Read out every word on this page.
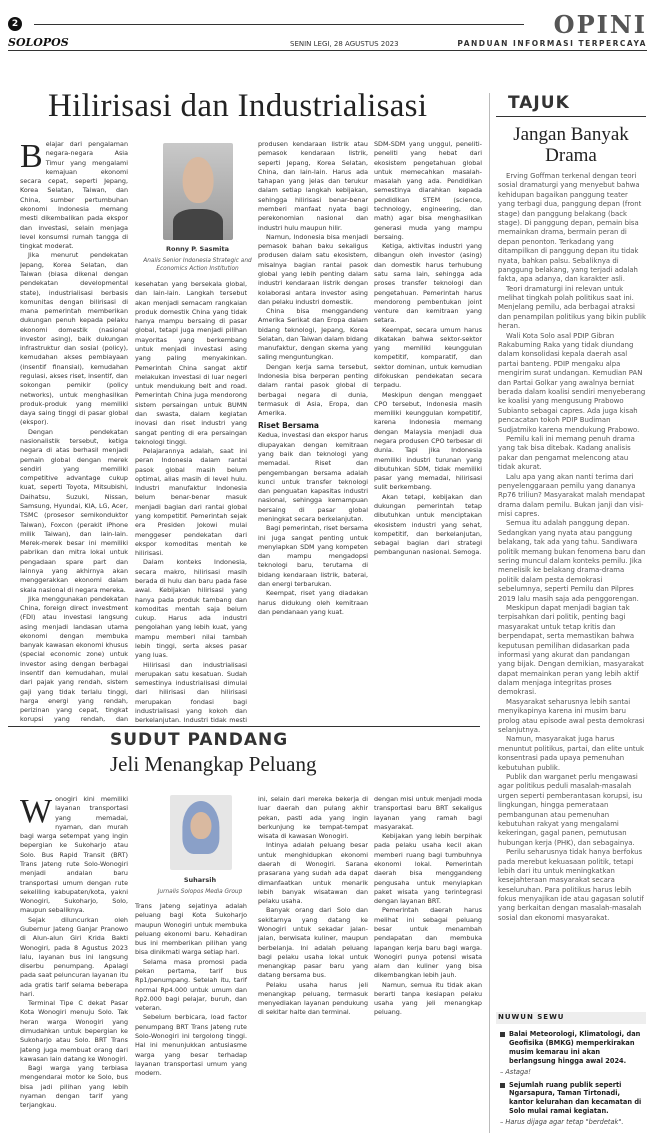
2	OPINI
SOLOPOS	SENIN LEGI, 28 AGUSTUS 2023	PANDUAN INFORMASI TERPERCAYA
Hilirisasi dan Industrialisasi

Belajar dari pengalaman negara-negara Asia Timur yang mengalami kemajuan ekonomi secara cepat, seperti Jepang, Korea Selatan, Taiwan, dan China, sumber pertumbuhan ekonomi Indonesia memang mesti dikembalikan pada ekspor dan investasi, selain menjaga level konsumsi rumah tangga di tingkat moderat.

Jika menurut pendekatan Jepang, Korea Selatan, dan Taiwan (biasa dikenal dengan pendekatan developmental state), industrialisasi berbasis komunitas dengan bilirisasi di mana pemerintah memberikan dukungan penuh kepada pelaku ekonomi domestik (nasional investor asing), baik dukungan infrastruktur dan sosial (policy), kemudahan akses pembiayaan (insentif finansial), kemudahan regulasi, akses riset, insentif, dan sokongan pemikir (policy networks), untuk menghasilkan produk-produk yang memiliki daya saing tinggi di pasar global (ekspor).

Dengan pendekatan nasionalistik tersebut, ketiga negara di atas berhasil menjadi pemain global dengan merek sendiri yang memiliki competitive advantage cukup kuat, seperti Toyota, Mitsubishi, Daihatsu, Suzuki, Nissan, Samsung, Hyundai, KIA, LG, Acer, TSMC (prosesor semikonduktor Taiwan), Foxcon (perakit iPhone milik Taiwan), dan lain-lain. Merek-merek besar ini memiliki pabrikan dan mitra lokal untuk pengadaan spare part dan lainnya yang akhirnya akan menggerakkan ekonomi dalam skala nasional di negara mereka.

Jika menggunakan pendekatan China, foreign direct investment (FDI) atau investasi langsung asing menjadi landasan utama ekonomi dengan membuka banyak kawasan ekonomi khusus (special economic zone) untuk investor asing dengan berbagai insentif dan kemudahan, mulai dari pajak yang rendah, sistem gaji yang tidak terlalu tinggi, harga energi yang rendah, perizinan yang cepat, tingkat korupsi yang rendah, dan

Ronny P. Sasmita
Analis Senior Indonesia Strategic and Economics Action Institution

kesehatan yang bersekala global, dan lain-lain. Langkah tersebut akan menjadi semacam rangkaian produk domestik China yang tidak hanya mampu bersaing di pasar global, tetapi juga menjadi pilihan mayoritas yang berkembang untuk menjadi investasi asing yang paling menyakinkan. Pemerintah China sangat aktif melakukan investasi di luar negeri untuk mendukung belt and road. Pemerintah China juga mendorong sistem persaingan untuk BUMN dan swasta, dalam kegiatan inovasi dan riset industri yang sangat penting di era persaingan teknologi tinggi.

Pelajarannya adalah, saat ini peran Indonesia dalam rantai pasok global masih belum optimal, alias masih di level hulu. Industri manufaktur Indonesia belum benar-benar masuk menjadi bagian dari rantai global yang kompetitif. Pemerintah sejak era Presiden Jokowi mulai menggeser pendekatan dari ekspor komoditas mentah ke hilirisasi.

Dalam konteks Indonesia, secara makro, hilirisasi masih berada di hulu dan baru pada fase awal. Kebijakan hilirisasi yang hanya pada produk tambang dan komoditas mentah saja belum cukup. Harus ada industri pengolahan yang lebih kuat, yang mampu memberi nilai tambah lebih tinggi, serta akses pasar yang luas.

Hilirisasi dan industrialisasi merupakan satu kesatuan. Sudah semestinya industrialisasi dimulai dari hilirisasi dan hilirisasi merupakan fondasi bagi industrialisasi yang kokoh dan berkelanjutan. Industri tidak mesti

produsen kendaraan listrik atau pemasok kendaraan listrik, seperti Jepang, Korea Selatan, China, dan lain-lain. Harus ada tahapan yang jelas dan terukur dalam setiap langkah kebijakan, sehingga hilirisasi benar-benar memberi manfaat nyata bagi perekonomian nasional dan industri hulu maupun hilir.

Namun, Indonesia bisa menjadi pemasok bahan baku sekaligus produsen dalam satu ekosistem, misalnya bagian rantai pasok global yang lebih penting dalam industri kendaraan listrik dengan kolaborasi antara investor asing dan pelaku industri domestik.

China bisa menggandeng Amerika Serikat dan Eropa dalam bidang teknologi, Jepang, Korea Selatan, dan Taiwan dalam bidang manufaktur, dengan skema yang saling menguntungkan.

Dengan kerja sama tersebut, Indonesia bisa berperan penting dalam rantai pasok global di berbagai negara di dunia, termasuk di Asia, Eropa, dan Amerika.

Riset Bersama

Kedua, investasi dan ekspor harus diupayakan dengan kemitraan yang baik dan teknologi yang memadai. Riset dan pengembangan bersama adalah kunci untuk transfer teknologi dan penguatan kapasitas industri nasional, sehingga kemampuan bersaing di pasar global meningkat secara berkelanjutan.

Bagi pemerintah, riset bersama ini juga sangat penting untuk menyiapkan SDM yang kompeten dan mampu mengadopsi teknologi baru, terutama di bidang kendaraan listrik, baterai, dan energi terbarukan.

Keempat, riset yang diadakan harus didukung oleh kemitraan dan pendanaan yang kuat.

SDM-SDM yang unggul, peneliti-peneliti yang hebat dari ekosistem pengetahuan global untuk memecahkan masalah-masalah yang ada. Pendidikan semestinya diarahkan kepada pendidikan STEM (science, technology, engineering, dan math) agar bisa menghasilkan generasi muda yang mampu bersaing.

Ketiga, aktivitas industri yang dibangun oleh investor (asing) dan domestik harus terhubung satu sama lain, sehingga ada proses transfer teknologi dan pengetahuan. Pemerintah harus mendorong pembentukan joint venture dan kemitraan yang setara.

Keempat, secara umum harus dikatakan bahwa sektor-sektor yang memiliki keunggulan kompetitif, komparatif, dan sektor dominan, untuk kemudian difokuskan pendekatan secara terpadu.

Meskipun dengan menggaet CPO tersebut, Indonesia masih memiliki keunggulan kompetitif, karena Indonesia memang dengan Malaysia menjadi dua negara produsen CPO terbesar di dunia. Tapi jika Indonesia memiliki industri turunan yang dibutuhkan SDM, tidak memiliki pasar yang memadai, hilirisasi sulit berkembang.

Akan tetapi, kebijakan dan dukungan pemerintah tetap dibutuhkan untuk menciptakan ekosistem industri yang sehat, kompetitif, dan berkelanjutan, sebagai bagian dari strategi pembangunan nasional. Semoga.

SUDUT PANDANG
Jeli Menangkap Peluang

Wonogiri kini memiliki layanan transportasi yang memadai, nyaman, dan murah bagi warga setempat yang ingin bepergian ke Sukoharjo atau Solo. Bus Rapid Transit (BRT) Trans Jateng rute Solo-Wonogiri menjadi andalan baru transportasi umum dengan rute sekeliling kabupaten/kota, yakni Wonogiri, Sukoharjo, Solo, maupun sebaliknya.

Sejak diluncurkan oleh Gubernur Jateng Ganjar Pranowo di Alun-alun Giri Krida Bakti Wonogiri, pada 8 Agustus 2023 lalu, layanan bus ini langsung diserbu penumpang. Apalagi pada saat peluncuran layanan itu ada gratis tarif selama beberapa hari.

Terminal Tipe C dekat Pasar Kota Wonogiri menuju Solo. Tak heran warga Wonogiri yang dimudahkan untuk bepergian ke Sukoharjo atau Solo. BRT Trans Jateng juga membuat orang dari kawasan lain datang ke Wonogiri.

Bagi warga yang terbiasa mengendarai motor ke Solo, bus bisa jadi pilihan yang lebih nyaman dengan tarif yang terjangkau.

Suharsih
Jurnalis Solopos Media Group

Trans Jateng sejatinya adalah peluang bagi Kota Sukoharjo maupun Wonogiri untuk membuka peluang ekonomi baru. Kehadiran bus ini memberikan pilihan yang bisa dinikmati warga setiap hari.

Selama masa promosi pada pekan pertama, tarif bus Rp1/penumpang. Setelah itu, tarif normal Rp4.000 untuk umum dan Rp2.000 bagi pelajar, buruh, dan veteran.

Sebelum berbicara, load factor penumpang BRT Trans Jateng rute Solo-Wonogiri ini tergolong tinggi. Hal ini menunjukkan antusiasme warga yang besar terhadap layanan transportasi umum yang modern.

ini, selain dari mereka bekerja di luar daerah dan pulang akhir pekan, pasti ada yang ingin berkunjung ke tempat-tempat wisata di kawasan Wonogiri.

Intinya adalah peluang besar untuk menghidupkan ekonomi daerah di Wonogiri. Sarana prasarana yang sudah ada dapat dimanfaatkan untuk menarik lebih banyak wisatawan dan pelaku usaha.

Banyak orang dari Solo dan sekitarnya yang datang ke Wonogiri untuk sekadar jalan-jalan, berwisata kuliner, maupun berbelanja. Ini adalah peluang bagi pelaku usaha lokal untuk menangkap pasar baru yang datang bersama bus.

Pelaku usaha harus jeli menangkap peluang, termasuk menyediakan layanan pendukung di sekitar halte dan terminal.

dengan misi untuk menjadi moda transportasi baru BRT sekaligus layanan yang ramah bagi masyarakat.

Kebijakan yang lebih berpihak pada pelaku usaha kecil akan memberi ruang bagi tumbuhnya ekonomi lokal. Pemerintah daerah bisa menggandeng pengusaha untuk menyiapkan paket wisata yang terintegrasi dengan layanan BRT.

Pemerintah daerah harus melihat ini sebagai peluang besar untuk menambah pendapatan dan membuka lapangan kerja baru bagi warga. Wonogiri punya potensi wisata alam dan kuliner yang bisa dikembangkan lebih jauh.

Namun, semua itu tidak akan berarti tanpa kesiapan pelaku usaha yang jeli menangkap peluang.

TAJUK
Jangan Banyak Drama

Erving Goffman terkenal dengan teori sosial dramaturgi yang menyebut bahwa kehidupan bagaikan panggung teater yang terbagi dua, panggung depan (front stage) dan panggung belakang (back stage). Di panggung depan, pemain bisa memainkan drama, bermain peran di depan penonton. Terkadang yang ditampilkan di panggung depan itu tidak nyata, bahkan palsu. Sebaliknya di panggung belakang, yang terjadi adalah fakta, apa adanya, dan karakter asli.

Teori dramaturgi ini relevan untuk melihat tingkah polah politikus saat ini. Menjelang pemilu, ada berbagai atraksi dan penampilan politikus yang bikin publik heran.

Wali Kota Solo asal PDIP Gibran Rakabuming Raka yang tidak diundang dalam konsolidasi kepala daerah asal partai banteng. PDIP mengaku alpa mengirim surat undangan. Kemudian PAN dan Partai Golkar yang awalnya berniat berada dalam koalisi sendiri menyeberang ke koalisi yang mengusung Prabowo Subianto sebagai capres. Ada juga kisah pencacatan tokoh PDIP Budiman Sudjatmiko karena mendukung Prabowo.

Pemilu kali ini memang penuh drama yang tak bisa ditebak. Kadang analisis pakar dan pengamat melencong atau tidak akurat.

Lalu apa yang akan nanti terima dari penyelenggaraan pemilu yang dananya Rp76 triliun? Masyarakat malah mendapat drama dalam pemilu. Bukan janji dan visi-misi capres.

Semua itu adalah panggung depan. Sedangkan yang nyata atau panggung belakang, tak ada yang tahu. Sandiwara politik memang bukan fenomena baru dan sering muncul dalam konteks pemilu. Jika menelisik ke belakang drama-drama politik dalam pesta demokrasi sebelumnya, seperti Pemilu dan Pilpres 2019 lalu masih saja ada penggorengan.

Meskipun dapat menjadi bagian tak terpisahkan dari politik, penting bagi masyarakat untuk tetap kritis dan berpendapat, serta memastikan bahwa keputusan pemilihan didasarkan pada informasi yang akurat dan pandangan yang bijak. Dengan demikian, masyarakat dapat memainkan peran yang lebih aktif dalam menjaga integritas proses demokrasi.

Masyarakat seharusnya lebih santai menyikapinya karena ini musim baru prolog atau episode awal pesta demokrasi selanjutnya.

Namun, masyarakat juga harus menuntut politikus, partai, dan elite untuk konsentrasi pada upaya pemenuhan kebutuhan publik.

Publik dan warganet perlu mengawasi agar politikus peduli masalah-masalah urgen seperti pemberantasan korupsi, isu lingkungan, hingga pemerataan pembangunan atau pemenuhan kebutuhan rakyat yang mengalami kekeringan, gagal panen, pemutusan hubungan kerja (PHK), dan sebagainya.

Perilu seharusnya tidak hanya berfokus pada merebut kekuasaan politik, tetapi lebih dari itu untuk meningkatkan kesejahteraan masyarakat secara keseluruhan. Para politikus harus lebih fokus menyajikan ide atau gagasan solutif yang berkaitan dengan masalah-masalah sosial dan ekonomi masyarakat.

NUWUN SEWU
Balai Meteorologi, Klimatologi, dan Geofisika (BMKG) memperkirakan musim kemarau ini akan berlangsung hingga awal 2024.
– Astaga!
Sejumlah ruang publik seperti Ngarsapura, Taman Tirtonadi, kantor kelurahan dan kecamatan di Solo mulai ramai kegiatan.
– Harus dijaga agar tetap "berdetak".
